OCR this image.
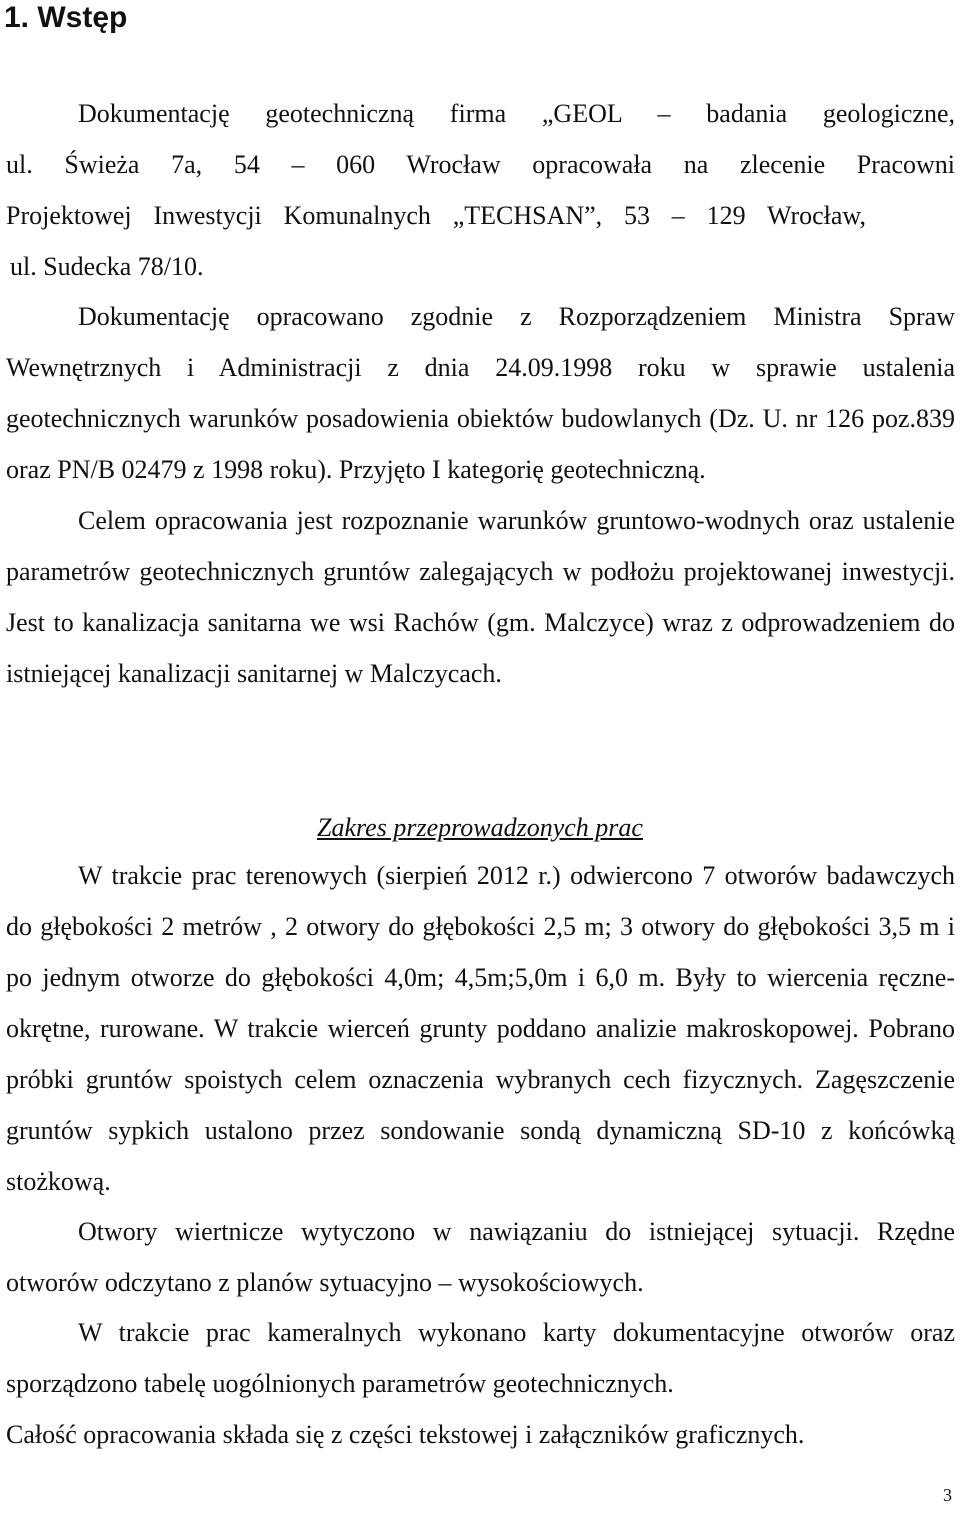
1. Wstęp
Dokumentację geotechniczną firma „GEOL – badania geologiczne,
ul. Świeża 7a, 54 – 060 Wrocław opracowała na zlecenie Pracowni
Projektowej Inwestycji Komunalnych „TECHSAN”, 53 – 129 Wrocław,
ul. Sudecka 78/10.

Dokumentację opracowano zgodnie z Rozporządzeniem Ministra Spraw Wewnętrznych i Administracji z dnia 24.09.1998 roku w sprawie ustalenia geotechnicznych warunków posadowienia obiektów budowlanych (Dz. U. nr 126 poz.839 oraz PN/B 02479 z 1998 roku). Przyjęto I kategorię geotechniczną.

Celem opracowania jest rozpoznanie warunków gruntowo-wodnych oraz ustalenie parametrów geotechnicznych gruntów zalegających w podłożu projektowanej inwestycji. Jest to kanalizacja sanitarna we wsi Rachów (gm. Malczyce) wraz z odprowadzeniem do istniejącej kanalizacji sanitarnej w Malczycach.

Zakres przeprowadzonych prac

W trakcie prac terenowych (sierpień 2012 r.) odwiercono 7 otworów badawczych do głębokości 2 metrów , 2 otwory do głębokości 2,5 m; 3 otwory do głębokości 3,5 m i po jednym otworze do głębokości 4,0m; 4,5m;5,0m i 6,0 m. Były to wiercenia ręczne-okrętne, rurowane. W trakcie wierceń grunty poddano analizie makroskopowej. Pobrano próbki gruntów spoistych celem oznaczenia wybranych cech fizycznych. Zagęszczenie gruntów sypkich ustalono przez sondowanie sondą dynamiczną SD-10 z końcówką stożkową.

Otwory wiertnicze wytyczono w nawiązaniu do istniejącej sytuacji. Rzędne otworów odczytano z planów sytuacyjno – wysokościowych.

W trakcie prac kameralnych wykonano karty dokumentacyjne otworów oraz sporządzono tabelę uogólnionych parametrów geotechnicznych.

Całość opracowania składa się z części tekstowej i załączników graficznych.

3
